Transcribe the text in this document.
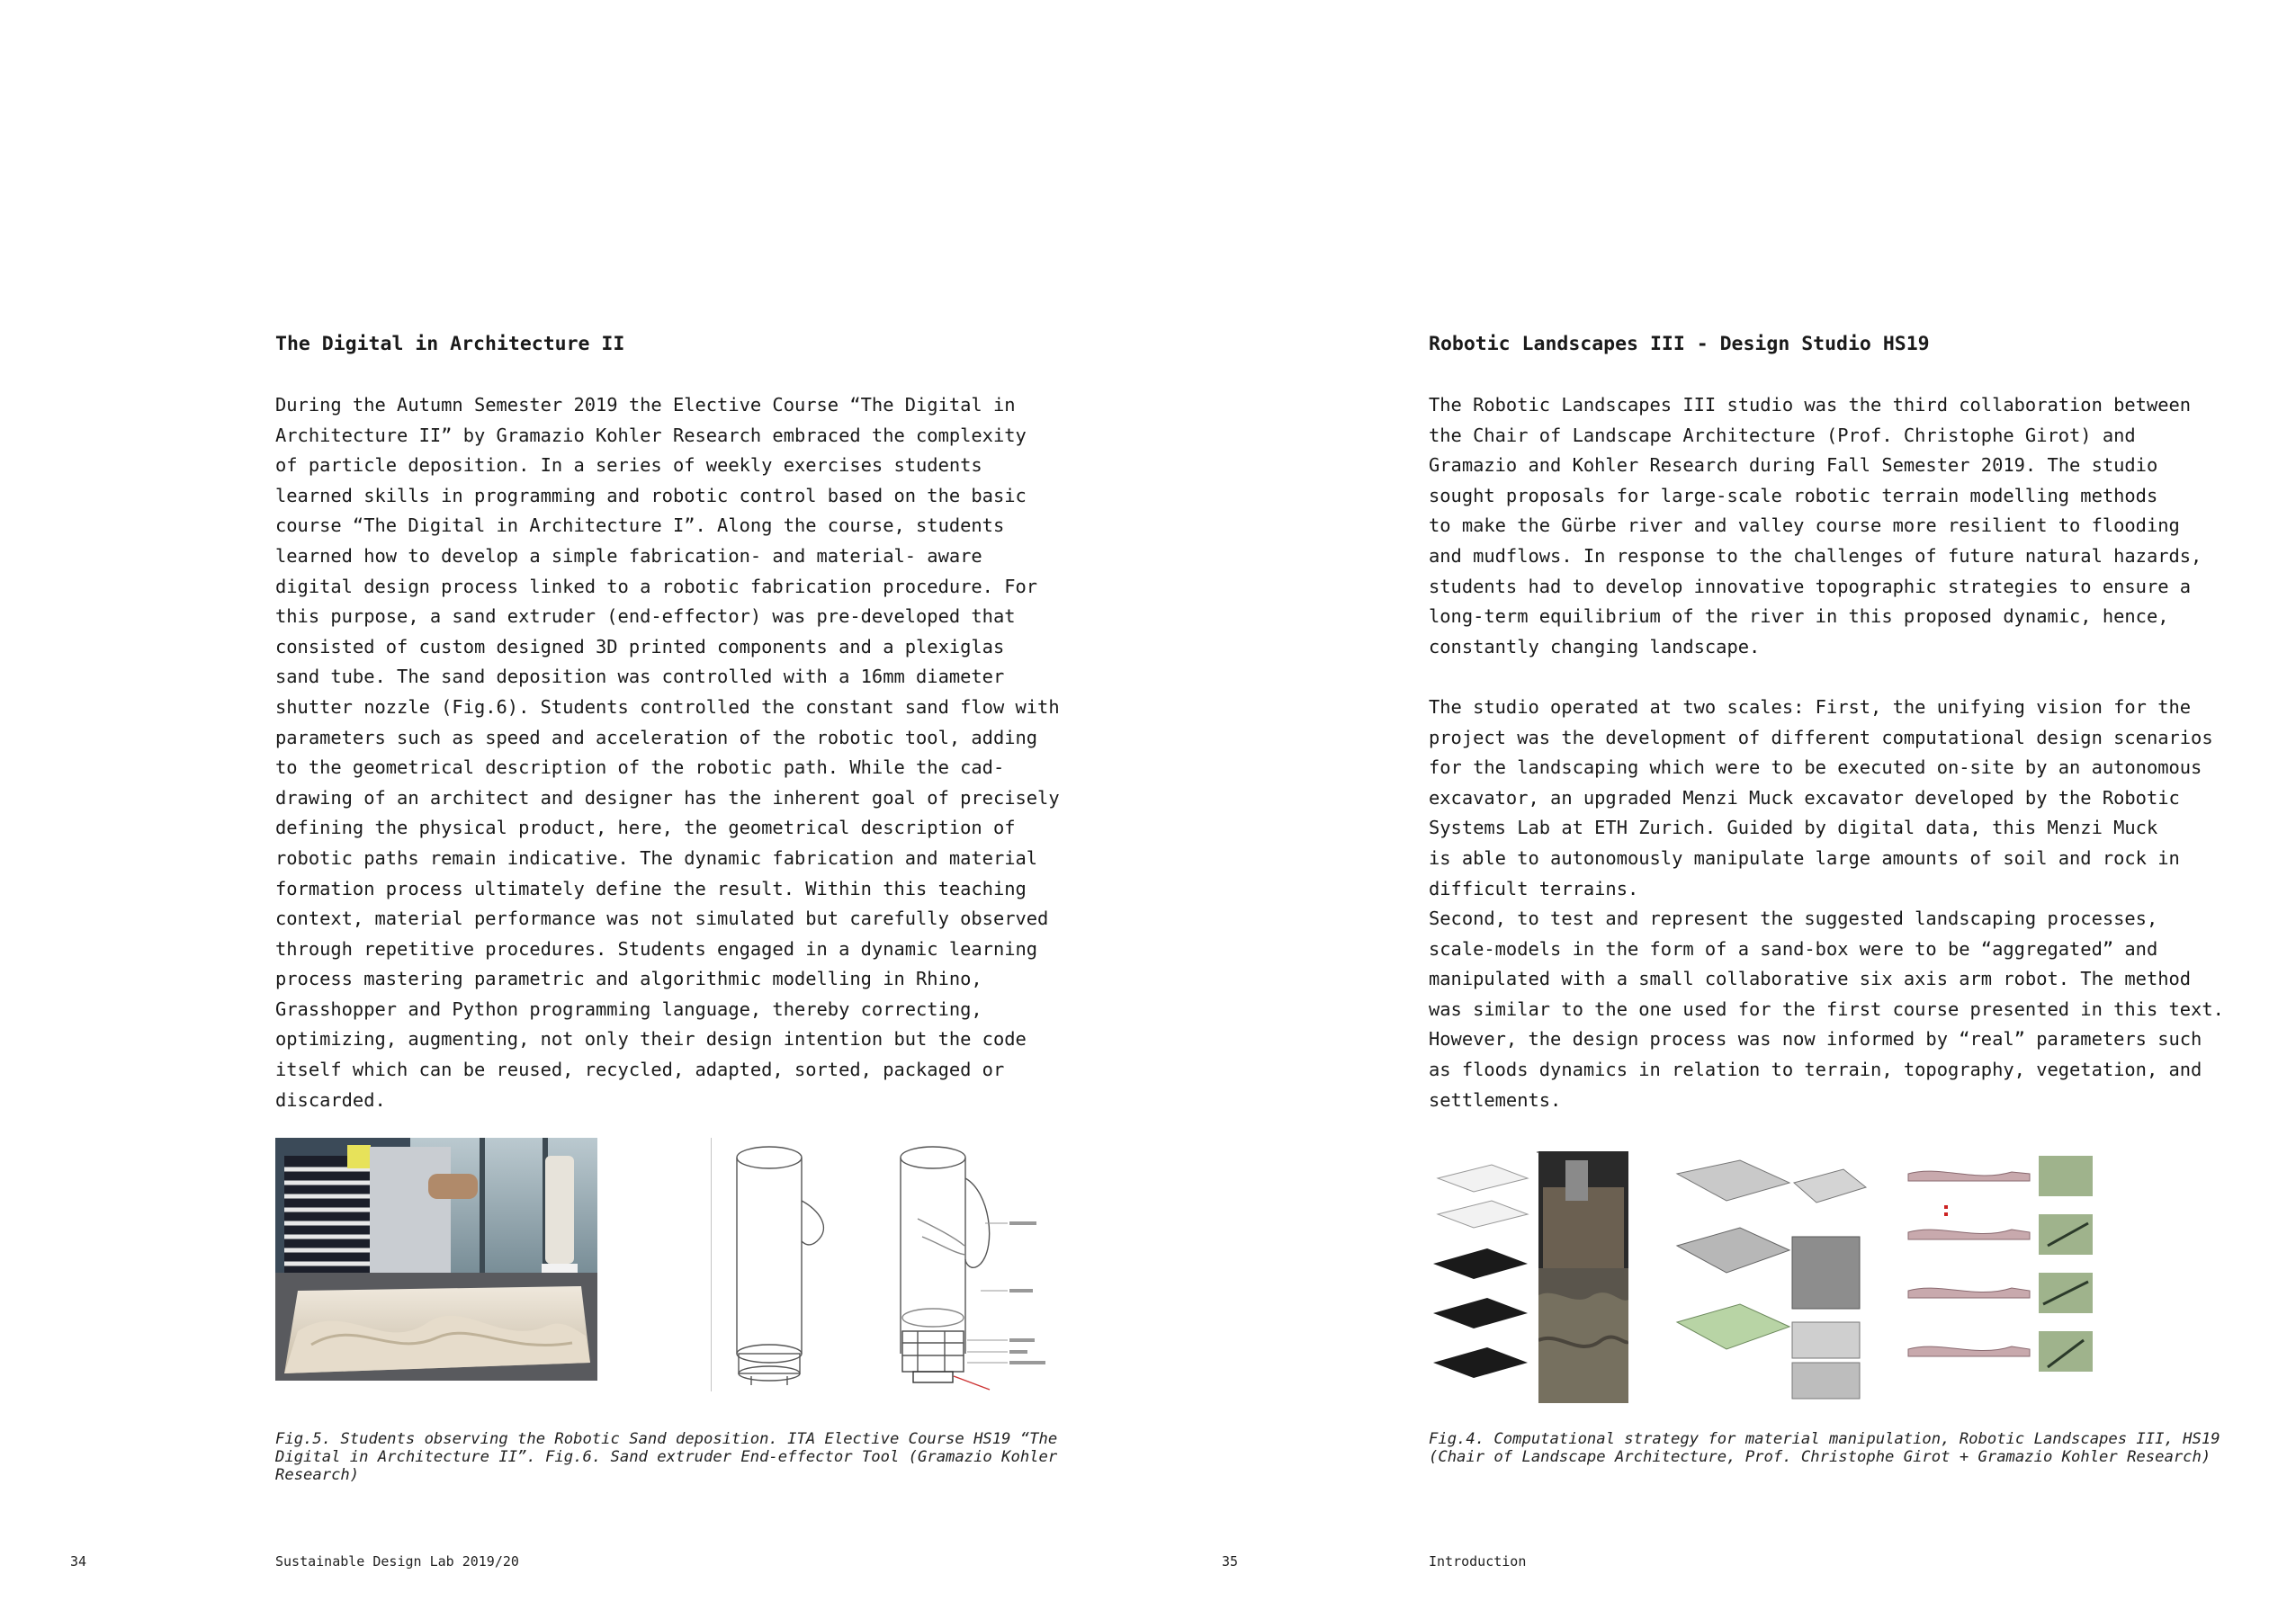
The Digital in Architecture II
During the Autumn Semester 2019 the Elective Course “The Digital in
Architecture II” by Gramazio Kohler Research embraced the complexity
of particle deposition. In a series of weekly exercises students
learned skills in programming and robotic control based on the basic
course “The Digital in Architecture I”. Along the course, students
learned how to develop a simple fabrication- and material- aware
digital design process linked to a robotic fabrication procedure. For
this purpose, a sand extruder (end-effector) was pre-developed that
consisted of custom designed 3D printed components and a plexiglas
sand tube. The sand deposition was controlled with a 16mm diameter
shutter nozzle (Fig.6). Students controlled the constant sand flow with
parameters such as speed and acceleration of the robotic tool, adding
to the geometrical description of the robotic path. While the cad-
drawing of an architect and designer has the inherent goal of precisely
defining the physical product, here, the geometrical description of
robotic paths remain indicative. The dynamic fabrication and material
formation process ultimately define the result. Within this teaching
context, material performance was not simulated but carefully observed
through repetitive procedures. Students engaged in a dynamic learning
process mastering parametric and algorithmic modelling in Rhino,
Grasshopper and Python programming language, thereby correcting,
optimizing, augmenting, not only their design intention but the code
itself which can be reused, recycled, adapted, sorted, packaged or
discarded.
Fig.5. Students observing the Robotic Sand deposition. ITA Elective Course HS19 “The
Digital in Architecture II”. Fig.6. Sand extruder End-effector Tool (Gramazio Kohler
Research)
34	Sustainable Design Lab 2019/20
Robotic Landscapes III - Design Studio HS19
The Robotic Landscapes III studio was the third collaboration between
the Chair of Landscape Architecture (Prof. Christophe Girot) and
Gramazio and Kohler Research during Fall Semester 2019. The studio
sought proposals for large-scale robotic terrain modelling methods
to make the Gürbe river and valley course more resilient to flooding
and mudflows. In response to the challenges of future natural hazards,
students had to develop innovative topographic strategies to ensure a
long-term equilibrium of the river in this proposed dynamic, hence,
constantly changing landscape.

The studio operated at two scales: First, the unifying vision for the
project was the development of different computational design scenarios
for the landscaping which were to be executed on-site by an autonomous
excavator, an upgraded Menzi Muck excavator developed by the Robotic
Systems Lab at ETH Zurich. Guided by digital data, this Menzi Muck
is able to autonomously manipulate large amounts of soil and rock in
difficult terrains.
Second, to test and represent the suggested landscaping processes,
scale-models in the form of a sand-box were to be “aggregated” and
manipulated with a small collaborative six axis arm robot. The method
was similar to the one used for the first course presented in this text.
However, the design process was now informed by “real” parameters such
as floods dynamics in relation to terrain, topography, vegetation, and
settlements.
Fig.4. Computational strategy for material manipulation, Robotic Landscapes III, HS19
(Chair of Landscape Architecture, Prof. Christophe Girot + Gramazio Kohler Research)
35	Introduction
